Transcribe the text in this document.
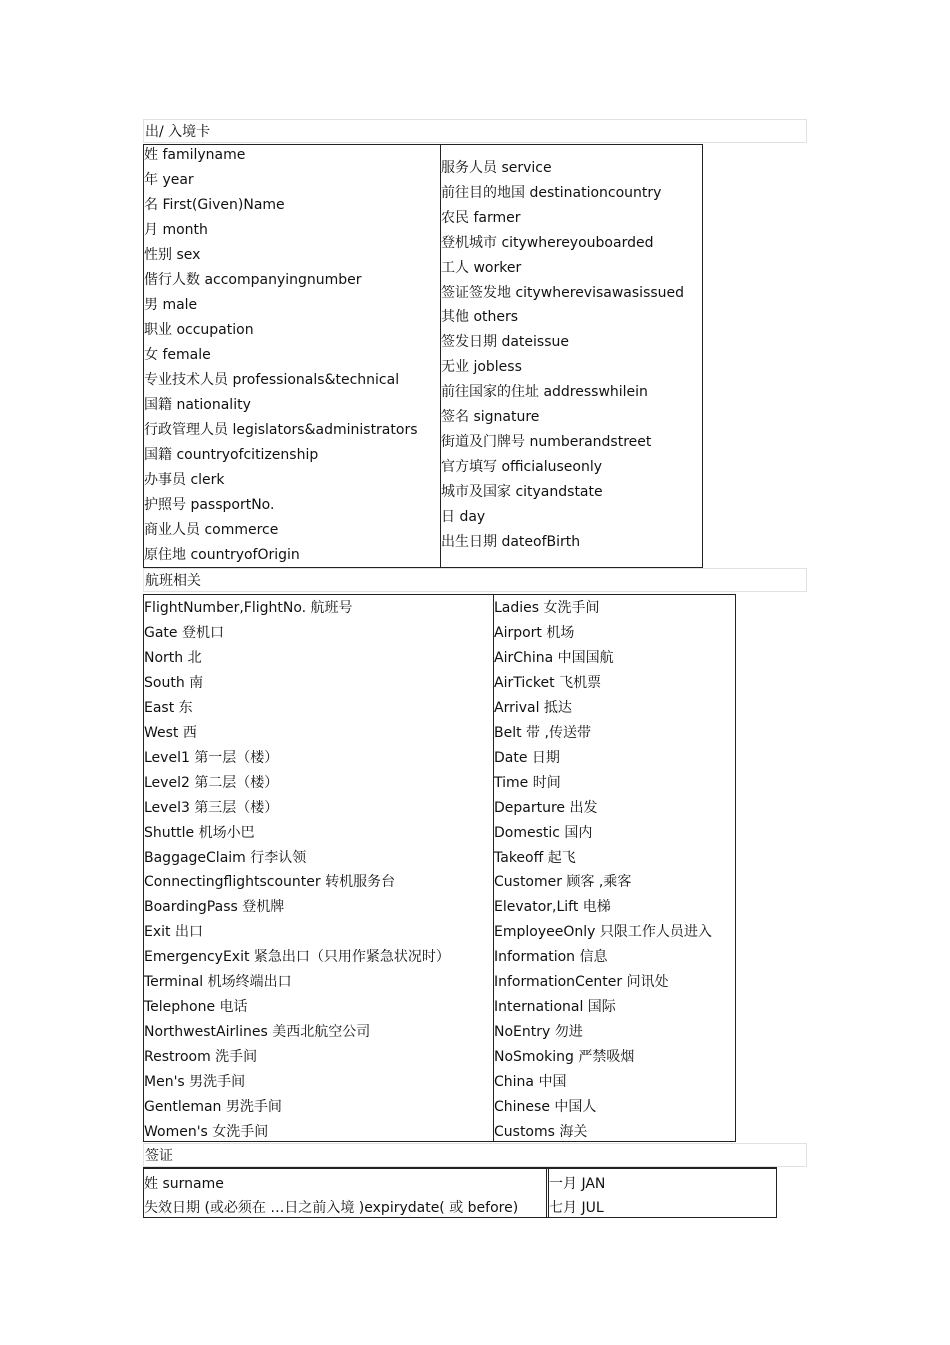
出/ 入境卡
姓 familyname
年 year
名 First(Given)Name
月 month
性别 sex
偕行人数 accompanyingnumber
男 male
职业 occupation
女 female
专业技术人员 professionals&technical
国籍 nationality
行政管理人员 legislators&administrators
国籍 countryofcitizenship
办事员 clerk
护照号 passportNo.
商业人员 commerce
原住地 countryofOrigin
服务人员 service
前往目的地国 destinationcountry
农民 farmer
登机城市 citywhereyouboarded
工人 worker
签证签发地 citywherevisawasissued
其他 others
签发日期 dateissue
无业 jobless
前往国家的住址 addresswhilein
签名 signature
街道及门牌号 numberandstreet
官方填写 officialuseonly
城市及国家 cityandstate
日 day
出生日期 dateofBirth
航班相关
FlightNumber,FlightNo. 航班号
Gate 登机口
North 北
South 南
East 东
West 西
Level1 第一层（楼）
Level2 第二层（楼）
Level3 第三层（楼）
Shuttle 机场小巴
BaggageClaim 行李认领
Connectingflightscounter 转机服务台
BoardingPass 登机牌
Exit 出口
EmergencyExit 紧急出口（只用作紧急状况时）
Terminal 机场终端出口
Telephone 电话
NorthwestAirlines 美西北航空公司
Restroom 洗手间
Men's 男洗手间
Gentleman 男洗手间
Women's 女洗手间
Ladies 女洗手间
Airport 机场
AirChina 中国国航
AirTicket 飞机票
Arrival 抵达
Belt 带 ,传送带
Date 日期
Time 时间
Departure 出发
Domestic 国内
Takeoff 起飞
Customer 顾客 ,乘客
Elevator,Lift 电梯
EmployeeOnly 只限工作人员进入
Information 信息
InformationCenter 问讯处
International 国际
NoEntry 勿进
NoSmoking 严禁吸烟
China 中国
Chinese 中国人
Customs 海关
签证
姓 surname
失效日期 (或必须在 …日之前入境 )expirydate( 或 before)
一月 JAN
七月 JUL
